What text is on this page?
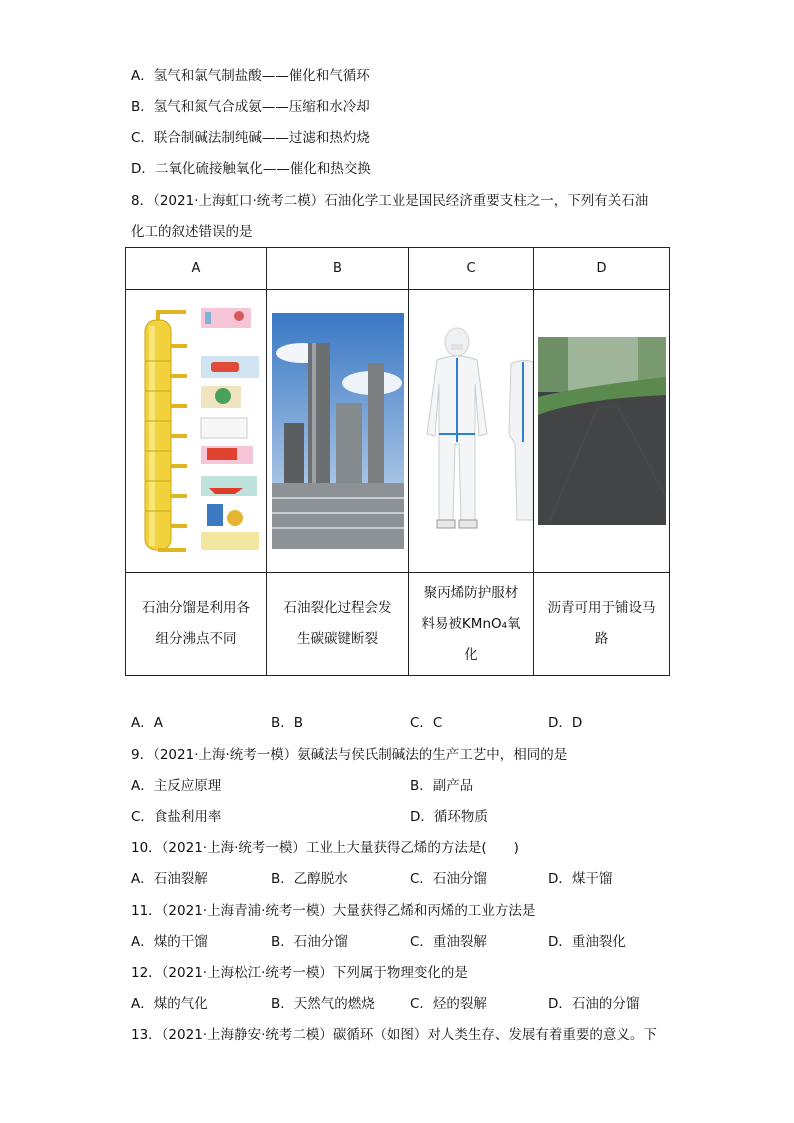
A．氢气和氯气制盐酸——催化和气循环
B．氢气和氮气合成氨——压缩和水冷却
C．联合制碱法制纯碱——过滤和热灼烧
D．二氧化硫接触氧化——催化和热交换
8．（2021·上海虹口·统考二模）石油化学工业是国民经济重要支柱之一，下列有关石油
化工的叙述错误的是
A	B	C	D

石油分馏是利用各组分沸点不同	石油裂化过程会发生碳碳键断裂	聚丙烯防护服材料易被KMnO₄氧化	沥青可用于铺设马路
A．A	B．B	C．C	D．D
9．（2021·上海·统考一模）氨碱法与侯氏制碱法的生产工艺中，相同的是
A．主反应原理	B．副产品
C．食盐利用率	D．循环物质
10．（2021·上海·统考一模）工业上大量获得乙烯的方法是(　　)
A．石油裂解	B．乙醇脱水	C．石油分馏	D．煤干馏
11．（2021·上海青浦·统考一模）大量获得乙烯和丙烯的工业方法是
A．煤的干馏	B．石油分馏	C．重油裂解	D．重油裂化
12．（2021·上海松江·统考一模）下列属于物理变化的是
A．煤的气化	B．天然气的燃烧	C．烃的裂解	D．石油的分馏
13．（2021·上海静安·统考二模）碳循环（如图）对人类生存、发展有着重要的意义。下
